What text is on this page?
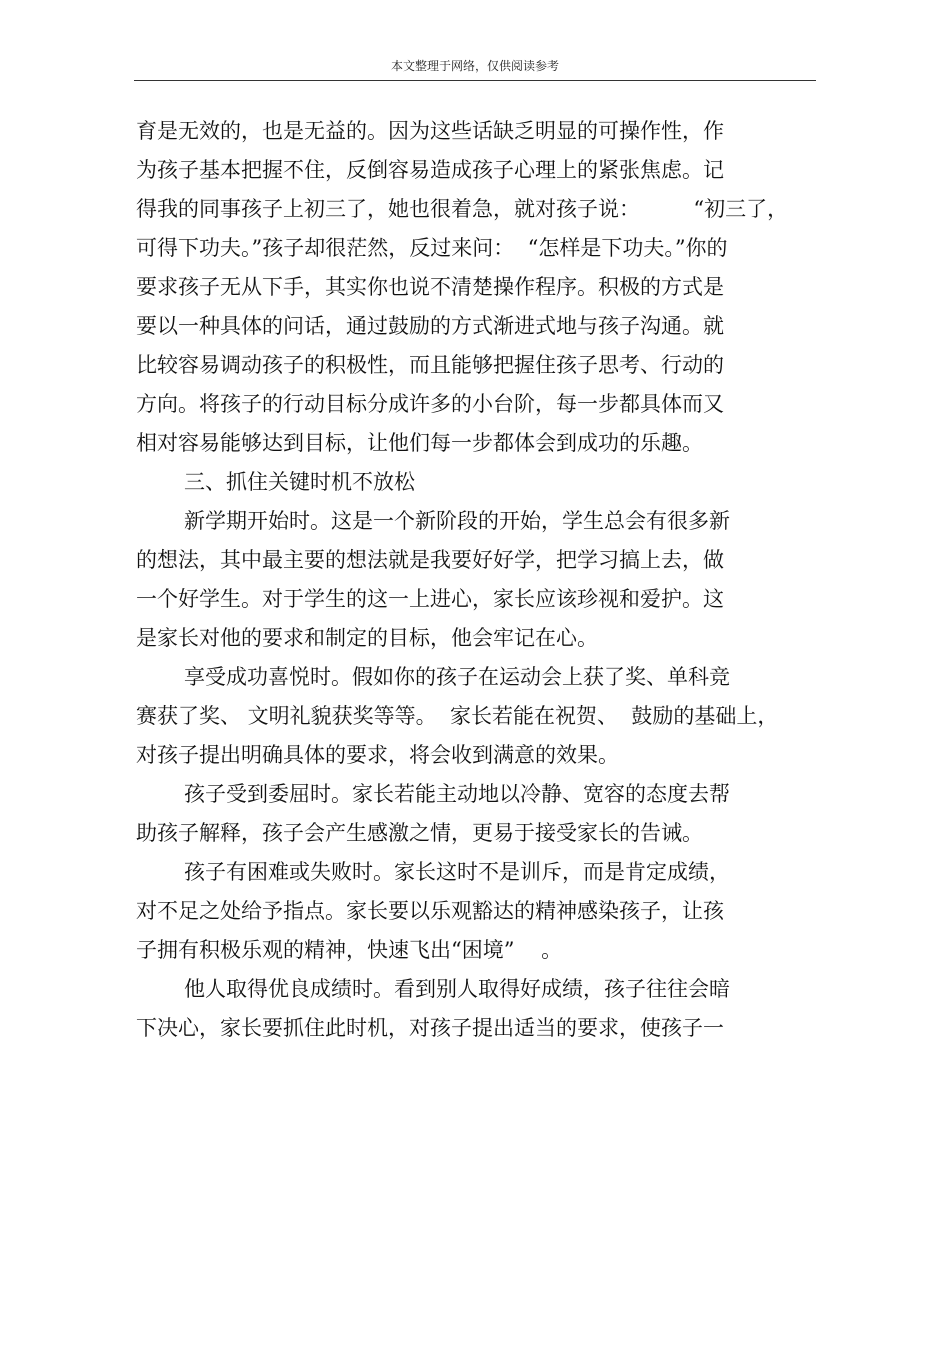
本文整理于网络，仅供阅读参考
育是无效的，也是无益的。因为这些话缺乏明显的可操作性，作
为孩子基本把握不住，反倒容易造成孩子心理上的紧张焦虑。记
得我的同事孩子上初三了，她也很着急，就对孩子说：        “初三了，
可得下功夫。”孩子却很茫然，反过来问：  “怎样是下功夫。”你的
要求孩子无从下手，其实你也说不清楚操作程序。积极的方式是
要以一种具体的问话，通过鼓励的方式渐进式地与孩子沟通。就
比较容易调动孩子的积极性，而且能够把握住孩子思考、行动的
方向。将孩子的行动目标分成许多的小台阶，每一步都具体而又
相对容易能够达到目标，让他们每一步都体会到成功的乐趣。
三、抓住关键时机不放松
新学期开始时。这是一个新阶段的开始，学生总会有很多新
的想法，其中最主要的想法就是我要好好学，把学习搞上去，做
一个好学生。对于学生的这一上进心，家长应该珍视和爱护。这
是家长对他的要求和制定的目标，他会牢记在心。
享受成功喜悦时。假如你的孩子在运动会上获了奖、单科竞
赛获了奖、 文明礼貌获奖等等。  家长若能在祝贺、  鼓励的基础上，
对孩子提出明确具体的要求，将会收到满意的效果。
孩子受到委屈时。家长若能主动地以冷静、宽容的态度去帮
助孩子解释，孩子会产生感激之情，更易于接受家长的告诫。
孩子有困难或失败时。家长这时不是训斥，而是肯定成绩，
对不足之处给予指点。家长要以乐观豁达的精神感染孩子，让孩
子拥有积极乐观的精神，快速飞出“困境”    。
他人取得优良成绩时。看到别人取得好成绩，孩子往往会暗
下决心，家长要抓住此时机，对孩子提出适当的要求，使孩子一
